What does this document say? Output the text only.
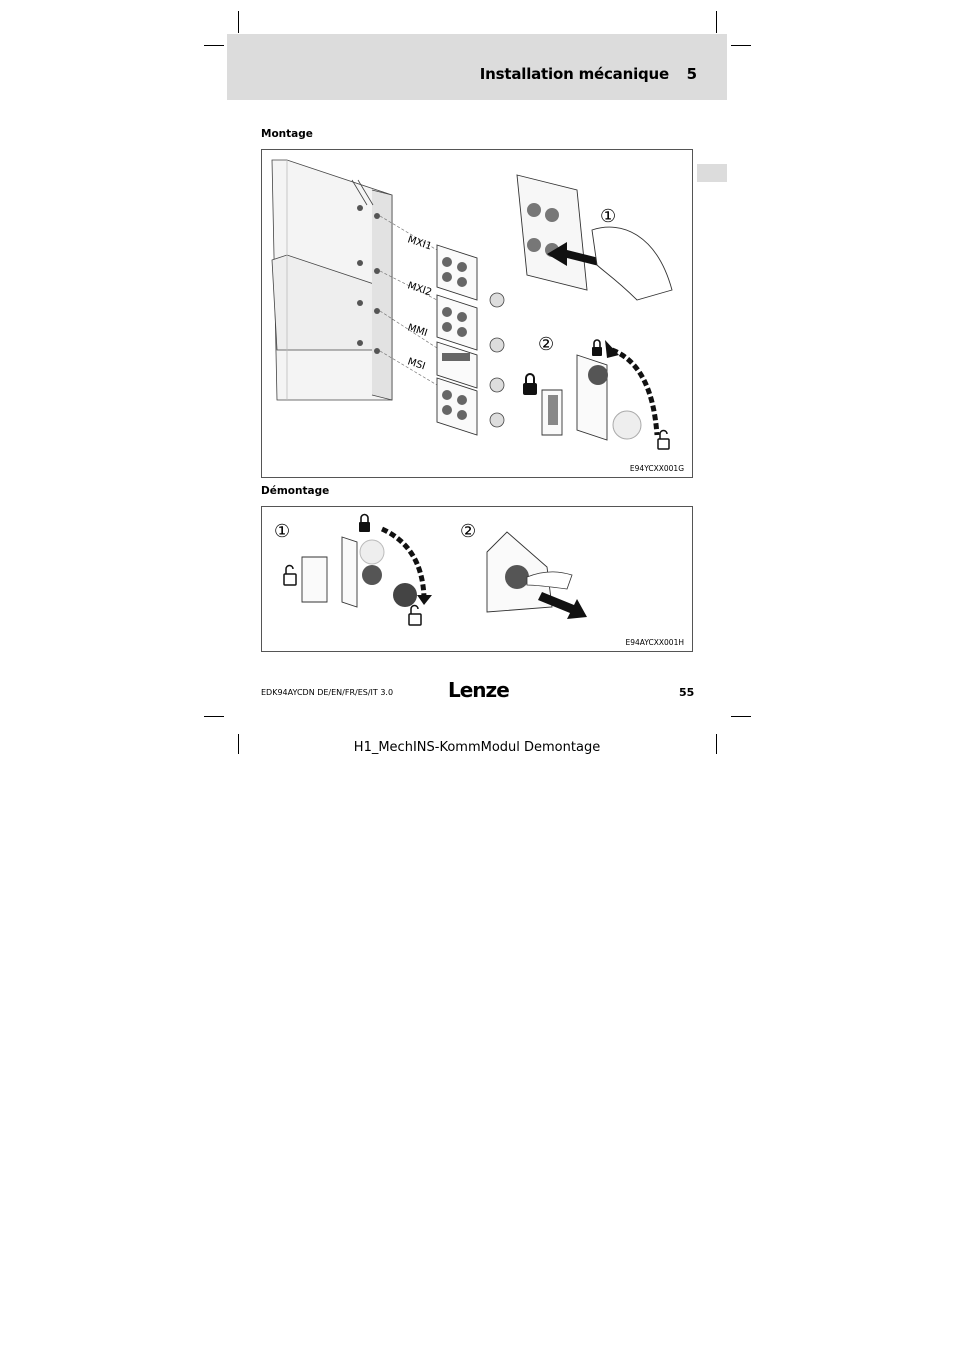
Installation mécanique 5
Montage
MXI1
MXI2
MMI
MSI
①
②
E94YCXX001G
Démontage
①	②
E94AYCXX001H
EDK94AYCDN DE/EN/FR/ES/IT 3.0	Lenze	55
H1_MechINS-KommModul Demontage
